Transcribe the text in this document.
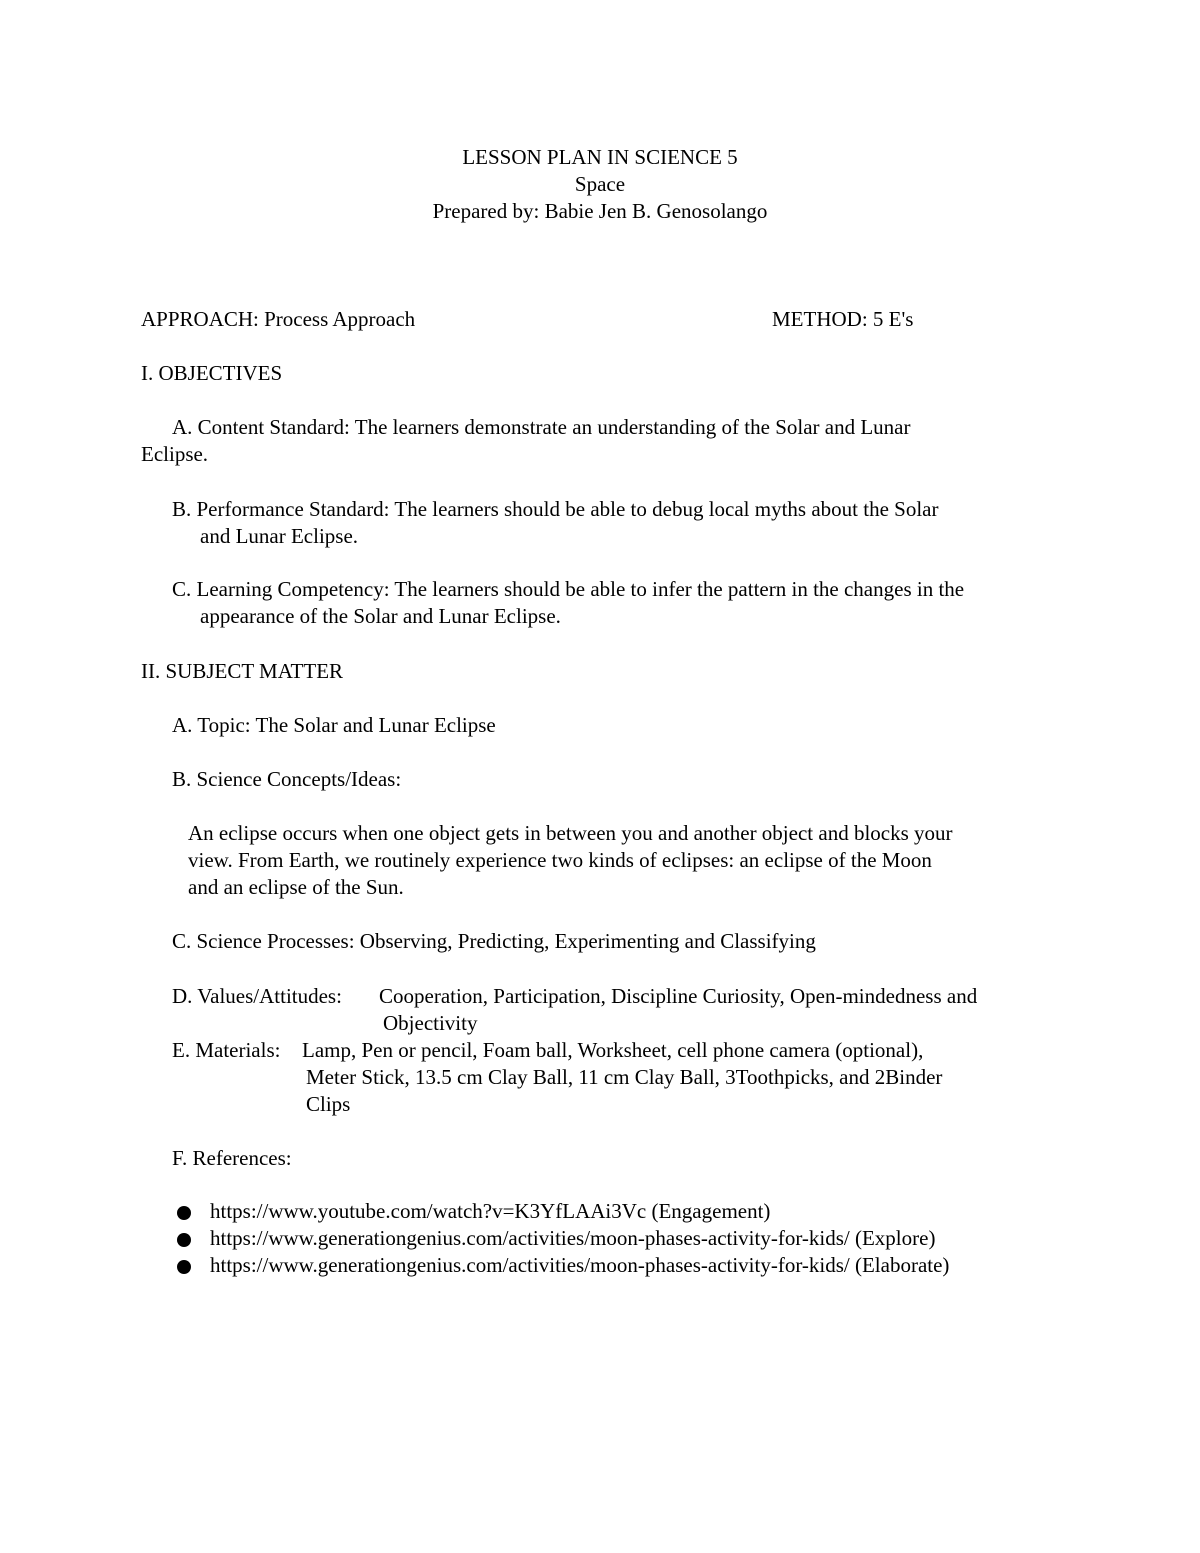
LESSON PLAN IN SCIENCE 5
Space
Prepared by: Babie Jen B. Genosolango
APPROACH: Process Approach	METHOD: 5 E's
I. OBJECTIVES
A. Content Standard: The learners demonstrate an understanding of the Solar and Lunar
Eclipse.
B. Performance Standard: The learners should be able to debug local myths about the Solar
and Lunar Eclipse.
C. Learning Competency: The learners should be able to infer the pattern in the changes in the
appearance of the Solar and Lunar Eclipse.
II. SUBJECT MATTER
A. Topic: The Solar and Lunar Eclipse
B. Science Concepts/Ideas:
An eclipse occurs when one object gets in between you and another object and blocks your
view. From Earth, we routinely experience two kinds of eclipses: an eclipse of the Moon
and an eclipse of the Sun.
C. Science Processes: Observing, Predicting, Experimenting and Classifying
D. Values/Attitudes: Cooperation, Participation, Discipline Curiosity, Open-mindedness and
Objectivity
E. Materials: Lamp, Pen or pencil, Foam ball, Worksheet, cell phone camera (optional),
Meter Stick, 13.5 cm Clay Ball, 11 cm Clay Ball, 3Toothpicks, and 2Binder
Clips
F. References:
https://www.youtube.com/watch?v=K3YfLAAi3Vc (Engagement)
https://www.generationgenius.com/activities/moon-phases-activity-for-kids/ (Explore)
https://www.generationgenius.com/activities/moon-phases-activity-for-kids/ (Elaborate)
